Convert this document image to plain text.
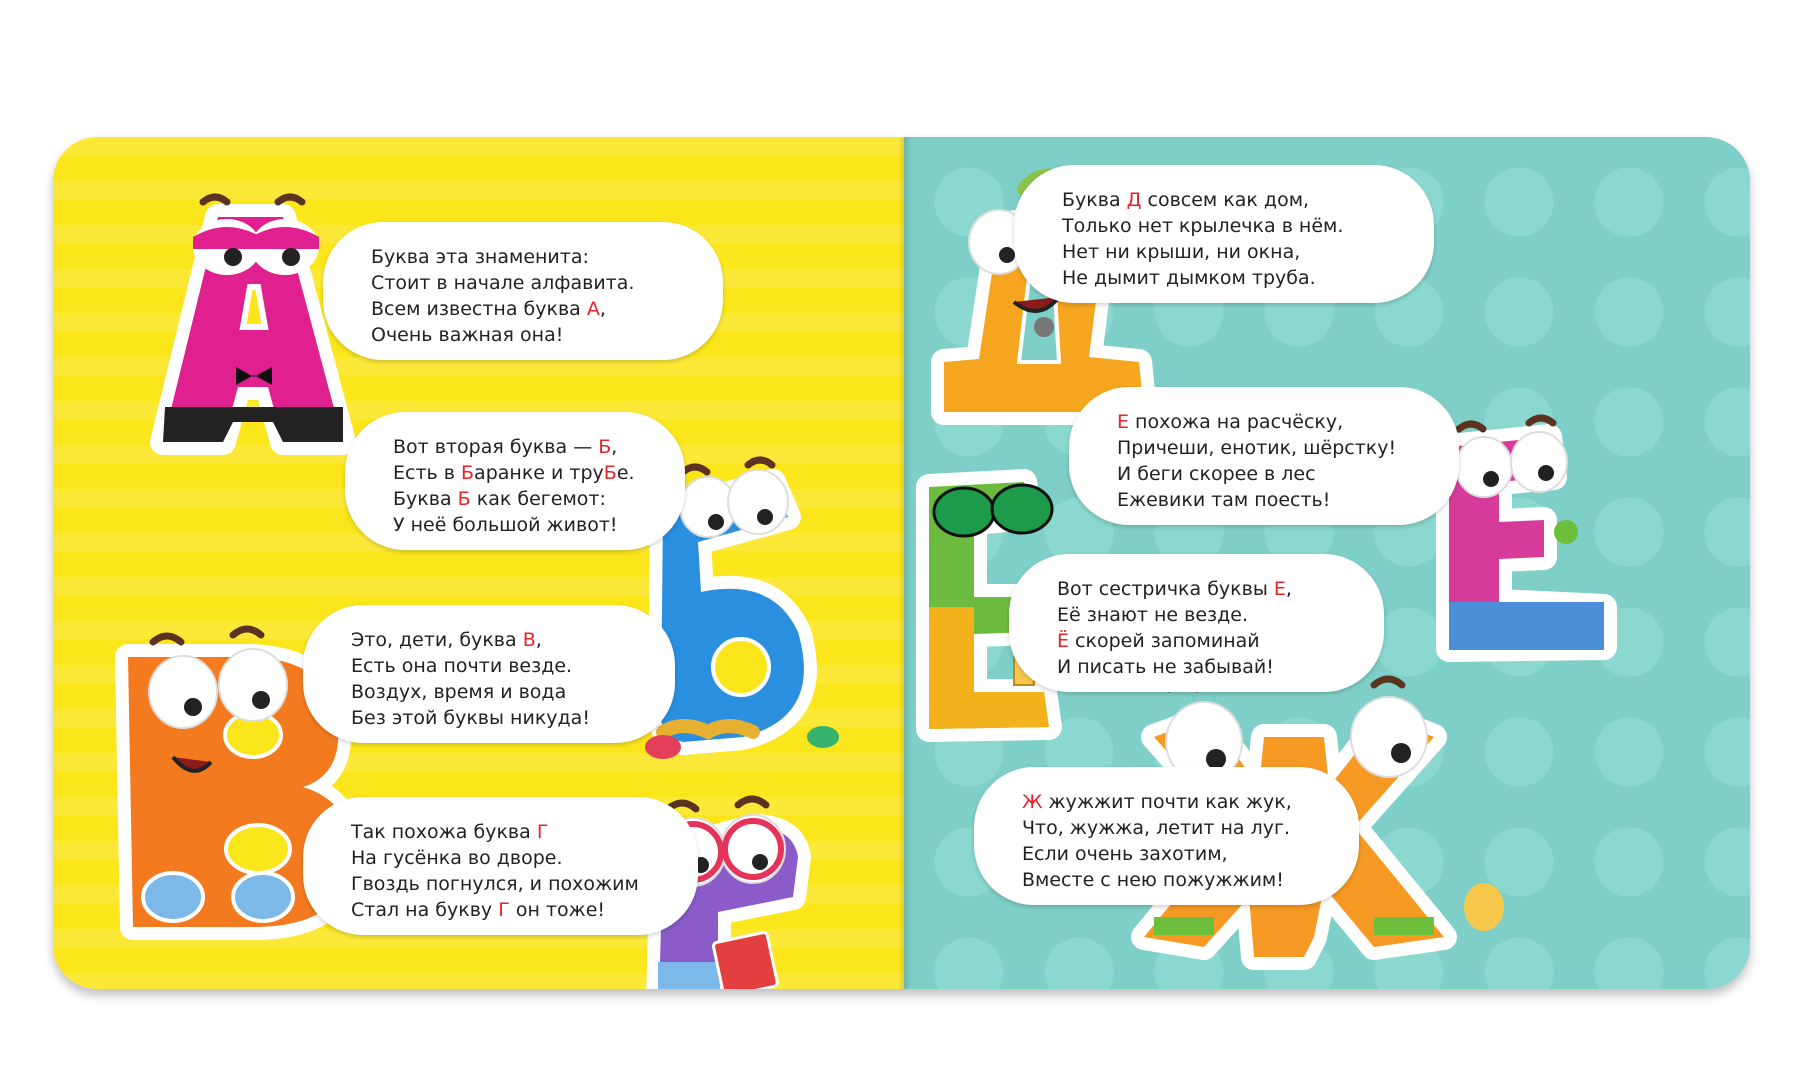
Буква эта знаменита:
Стоит в начале алфавита.
Всем известна буква А,
Очень важная она!
Вот вторая буква — Б,
Есть в Баранке и труБе.
Буква Б как бегемот:
У неё большой живот!
Это, дети, буква В,
Есть она почти везде.
Воздух, время и вода
Без этой буквы никуда!
Так похожа буква Г
На гусёнка во дворе.
Гвоздь погнулся, и похожим
Стал на букву Г он тоже!
Буква Д совсем как дом,
Только нет крылечка в нём.
Нет ни крыши, ни окна,
Не дымит дымком труба.
Е похожа на расчёску,
Причеши, енотик, шёрстку!
И беги скорее в лес
Ежевики там поесть!
Вот сестричка буквы Е,
Её знают не везде.
Ё скорей запоминай
И писать не забывай!
Ж жужжит почти как жук,
Что, жужжа, летит на луг.
Если очень захотим,
Вместе с нею пожужжим!
